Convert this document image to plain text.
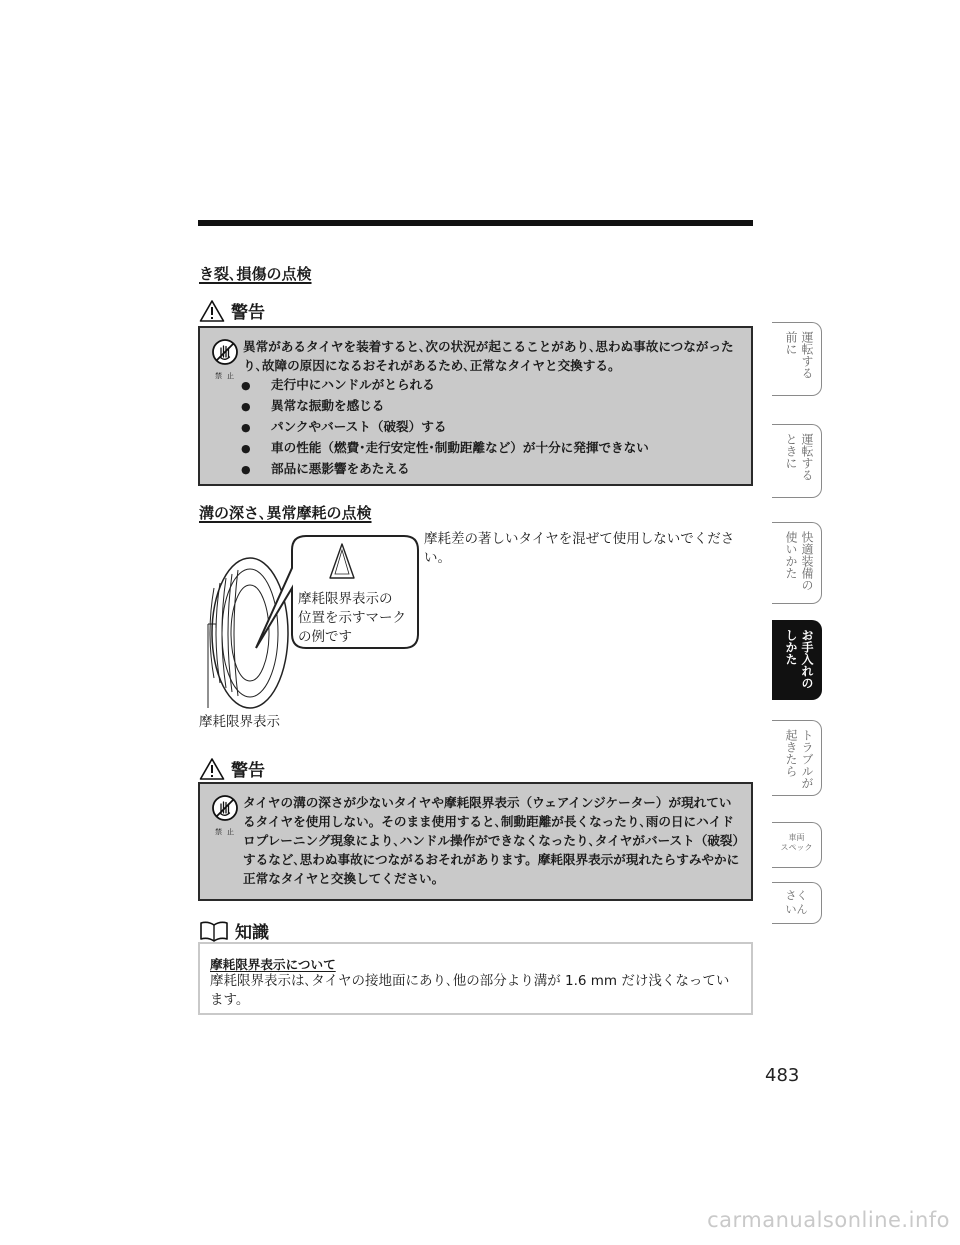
き裂､損傷の点検
警告
禁止
異常があるタイヤを装着すると､次の状況が起こることがあり､思わぬ事故につながったり､故障の原因になるおそれがあるため､正常なタイヤと交換する｡
● 走行中にハンドルがとられる
● 異常な振動を感じる
● パンクやバースト（破裂）する
● 車の性能（燃費･走行安定性･制動距離など）が十分に発揮できない
● 部品に悪影響をあたえる
溝の深さ､異常摩耗の点検
摩耗差の著しいタイヤを混ぜて使用しないでください。
摩耗限界表示の
位置を示すマーク
の例です
摩耗限界表示
警告
禁止
タイヤの溝の深さが少ないタイヤや摩耗限界表示（ウェアインジケーター）が現れているタイヤを使用しない。そのまま使用すると､制動距離が長くなったり､雨の日にハイドロプレーニング現象により､ハンドル操作ができなくなったり､タイヤがバースト（破裂）するなど､思わぬ事故につながるおそれがあります。摩耗限界表示が現れたらすみやかに正常なタイヤと交換してください。
知識
摩耗限界表示について
摩耗限界表示は､タイヤの接地面にあり､他の部分より溝が 1.6 mm だけ浅くなっています。
運転する
前に
運転する
ときに
快適装備の
使いかた
お手入れの
しかた
トラブルが
起きたら
車両
スペック
さく
いん
483
carmanualsonline.info
